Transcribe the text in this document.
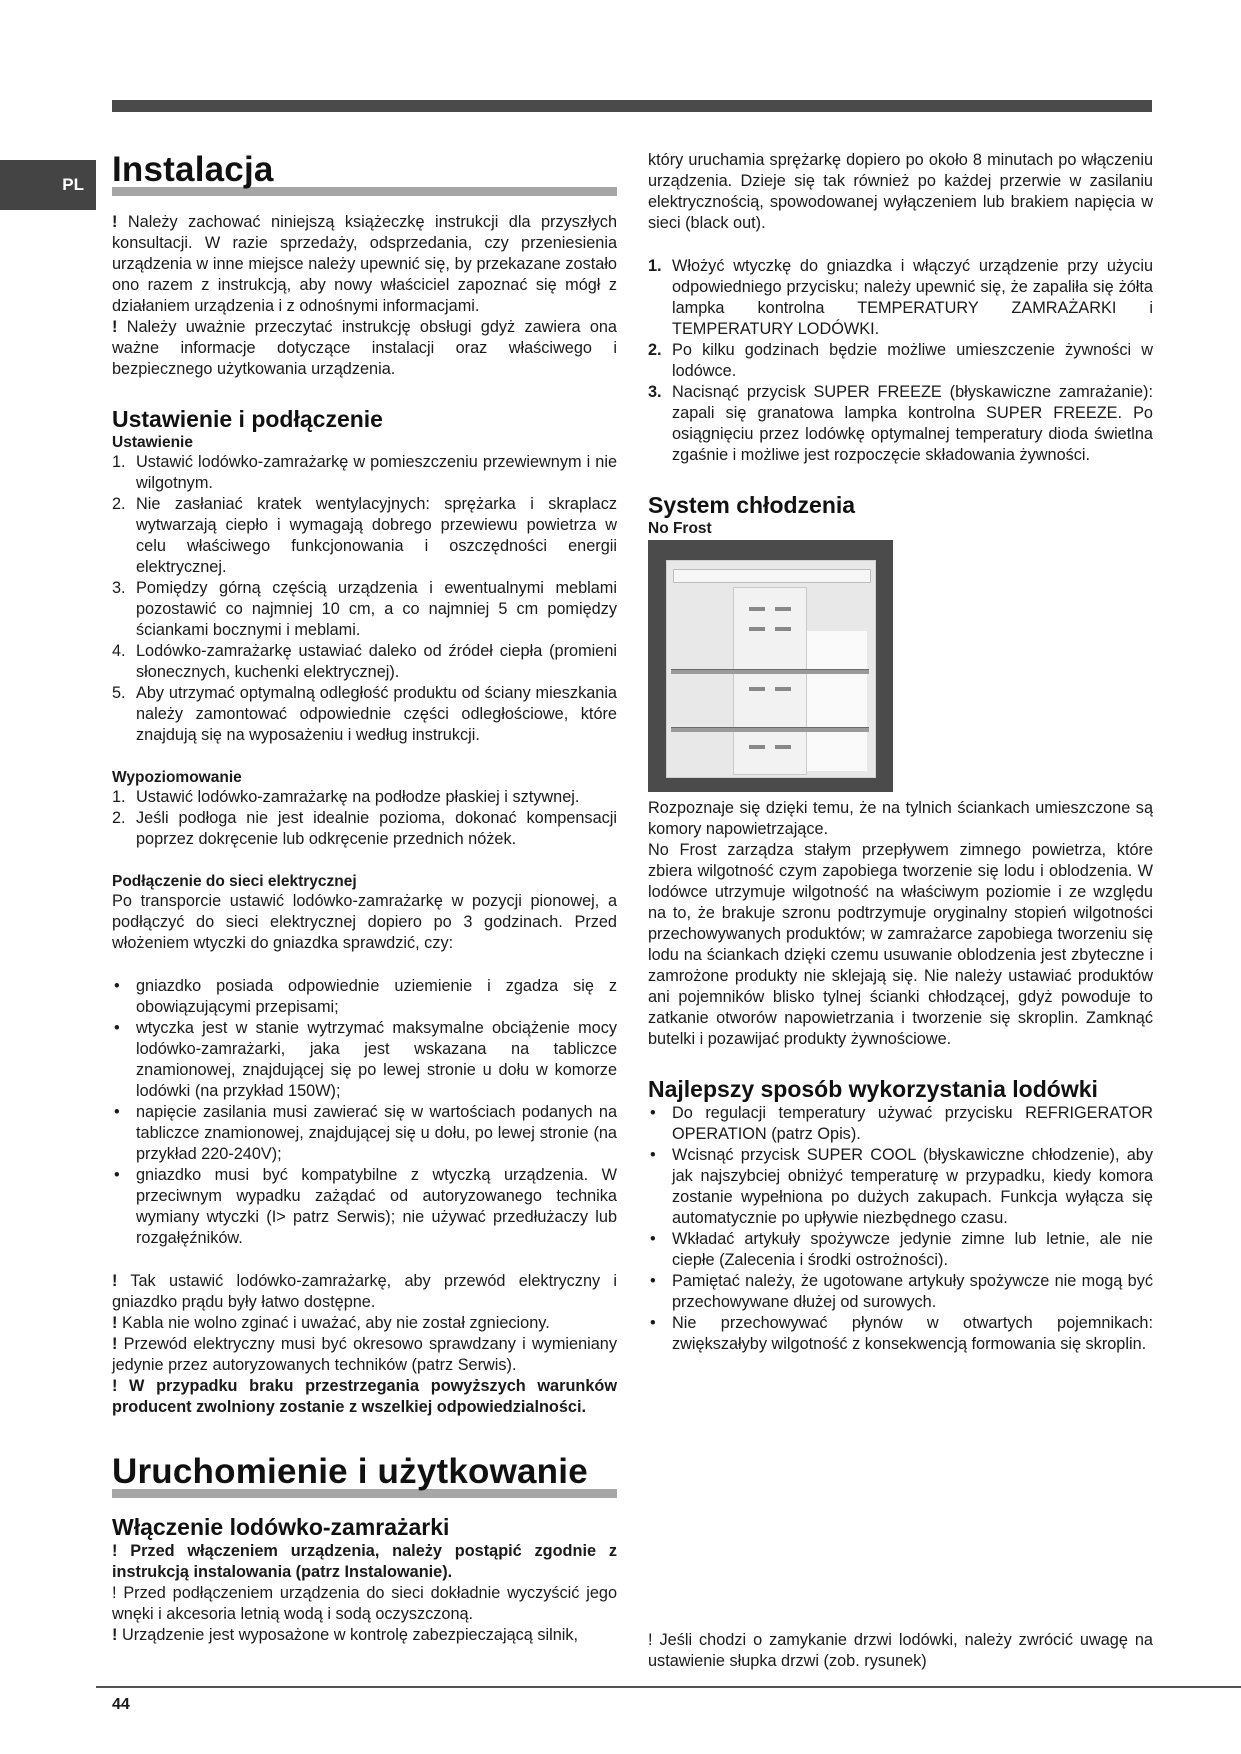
PL Instalacja

! Należy zachować niniejszą książeczkę instrukcji dla przyszłych konsultacji. W razie sprzedaży, odsprzedania, czy przeniesienia urządzenia w inne miejsce należy upewnić się, by przekazane zostało ono razem z instrukcją, aby nowy właściciel zapoznać się mógł z działaniem urządzenia i z odnośnymi informacjami.

! Należy uważnie przeczytać instrukcję obsługi gdyż zawiera ona ważne informacje dotyczące instalacji oraz właściwego i bezpiecznego użytkowania urządzenia.

Ustawienie i podłączenie
Ustawienie
1. Ustawić lodówko-zamrażarkę w pomieszczeniu przewiewnym i nie wilgotnym.
2. Nie zasłaniać kratek wentylacyjnych: sprężarka i skraplacz wytwarzają ciepło i wymagają dobrego przewiewu powietrza w celu właściwego funkcjonowania i oszczędności energii elektrycznej.
3. Pomiędzy górną częścią urządzenia i ewentualnymi meblami pozostawić co najmniej 10 cm, a co najmniej 5 cm pomiędzy ściankami bocznymi i meblami.
4. Lodówko-zamrażarkę ustawiać daleko od źródeł ciepła (promieni słonecznych, kuchenki elektrycznej).
5. Aby utrzymać optymalną odległość produktu od ściany mieszkania należy zamontować odpowiednie części odległościowe, które znajdują się na wyposażeniu i według instrukcji.
Wypoziomowanie
1. Ustawić lodówko-zamrażarkę na podłodze płaskiej i sztywnej.
2. Jeśli podłoga nie jest idealnie pozioma, dokonać kompensacji poprzez dokręcenie lub odkręcenie przednich nóżek.
Podłączenie do sieci elektrycznej

Po transporcie ustawić lodówko-zamrażarkę w pozycji pionowej, a podłączyć do sieci elektrycznej dopiero po 3 godzinach. Przed włożeniem wtyczki do gniazdka sprawdzić, czy:

• gniazdko posiada odpowiednie uziemienie i zgadza się z obowiązującymi przepisami;
• wtyczka jest w stanie wytrzymać maksymalne obciążenie mocy lodówko-zamrażarki, jaka jest wskazana na tabliczce znamionowej, znajdującej się po lewej stronie u dołu w komorze lodówki (na przykład 150W);
• napięcie zasilania musi zawierać się w wartościach podanych na tabliczce znamionowej, znajdującej się u dołu, po lewej stronie (na przykład 220-240V);
• gniazdko musi być kompatybilne z wtyczką urządzenia. W przeciwnym wypadku zażądać od autoryzowanego technika wymiany wtyczki (I> patrz Serwis); nie używać przedłużaczy lub rozgałęźników.

! Tak ustawić lodówko-zamrażarkę, aby przewód elektryczny i gniazdko prądu były łatwo dostępne.

! Kabla nie wolno zginać i uważać, aby nie został zgnieciony.

! Przewód elektryczny musi być okresowo sprawdzany i wymieniany jedynie przez autoryzowanych techników (patrz Serwis).

! W przypadku braku przestrzegania powyższych warunków producent zwolniony zostanie z wszelkiej odpowiedzialności.

Uruchomienie i użytkowanie
Włączenie lodówko-zamrażarki

! Przed włączeniem urządzenia, należy postąpić zgodnie z instrukcją instalowania (patrz Instalowanie).

! Przed podłączeniem urządzenia do sieci dokładnie wyczyścić jego wnęki i akcesoria letnią wodą i sodą oczyszczoną.

! Urządzenie jest wyposażone w kontrolę zabezpieczającą silnik,

który uruchamia sprężarkę dopiero po około 8 minutach po włączeniu urządzenia. Dzieje się tak również po każdej przerwie w zasilaniu elektrycznością, spowodowanej wyłączeniem lub brakiem napięcia w sieci (black out).

1. Włożyć wtyczkę do gniazdka i włączyć urządzenie przy użyciu odpowiedniego przycisku; należy upewnić się, że zapaliła się żółta lampka kontrolna TEMPERATURY ZAMRAŻARKI i TEMPERATURY LODÓWKI.
2. Po kilku godzinach będzie możliwe umieszczenie żywności w lodówce.
3. Nacisnąć przycisk SUPER FREEZE (błyskawiczne zamrażanie): zapali się granatowa lampka kontrolna SUPER FREEZE. Po osiągnięciu przez lodówkę optymalnej temperatury dioda świetlna zgaśnie i możliwe jest rozpoczęcie składowania żywności.
System chłodzenia
No Frost

Rozpoznaje się dzięki temu, że na tylnich ściankach umieszczone są komory napowietrzające.

No Frost zarządza stałym przepływem zimnego powietrza, które zbiera wilgotność czym zapobiega tworzenie się lodu i oblodzenia. W lodówce utrzymuje wilgotność na właściwym poziomie i ze względu na to, że brakuje szronu podtrzymuje oryginalny stopień wilgotności przechowywanych produktów; w zamrażarce zapobiega tworzeniu się lodu na ściankach dzięki czemu usuwanie oblodzenia jest zbyteczne i zamrożone produkty nie sklejają się. Nie należy ustawiać produktów ani pojemników blisko tylnej ścianki chłodzącej, gdyż powoduje to zatkanie otworów napowietrzania i tworzenie się skroplin. Zamknąć butelki i pozawijać produkty żywnościowe.

Najlepszy sposób wykorzystania lodówki
• Do regulacji temperatury używać przycisku REFRIGERATOR OPERATION (patrz Opis).
• Wcisnąć przycisk SUPER COOL (błyskawiczne chłodzenie), aby jak najszybciej obniżyć temperaturę w przypadku, kiedy komora zostanie wypełniona po dużych zakupach. Funkcja wyłącza się automatycznie po upływie niezbędnego czasu.
• Wkładać artykuły spożywcze jedynie zimne lub letnie, ale nie ciepłe (Zalecenia i środki ostrożności).
• Pamiętać należy, że ugotowane artykuły spożywcze nie mogą być przechowywane dłużej od surowych.
• Nie przechowywać płynów w otwartych pojemnikach: zwiększałyby wilgotność z konsekwencją formowania się skroplin.

! Jeśli chodzi o zamykanie drzwi lodówki, należy zwrócić uwagę na ustawienie słupka drzwi (zob. rysunek)

44
